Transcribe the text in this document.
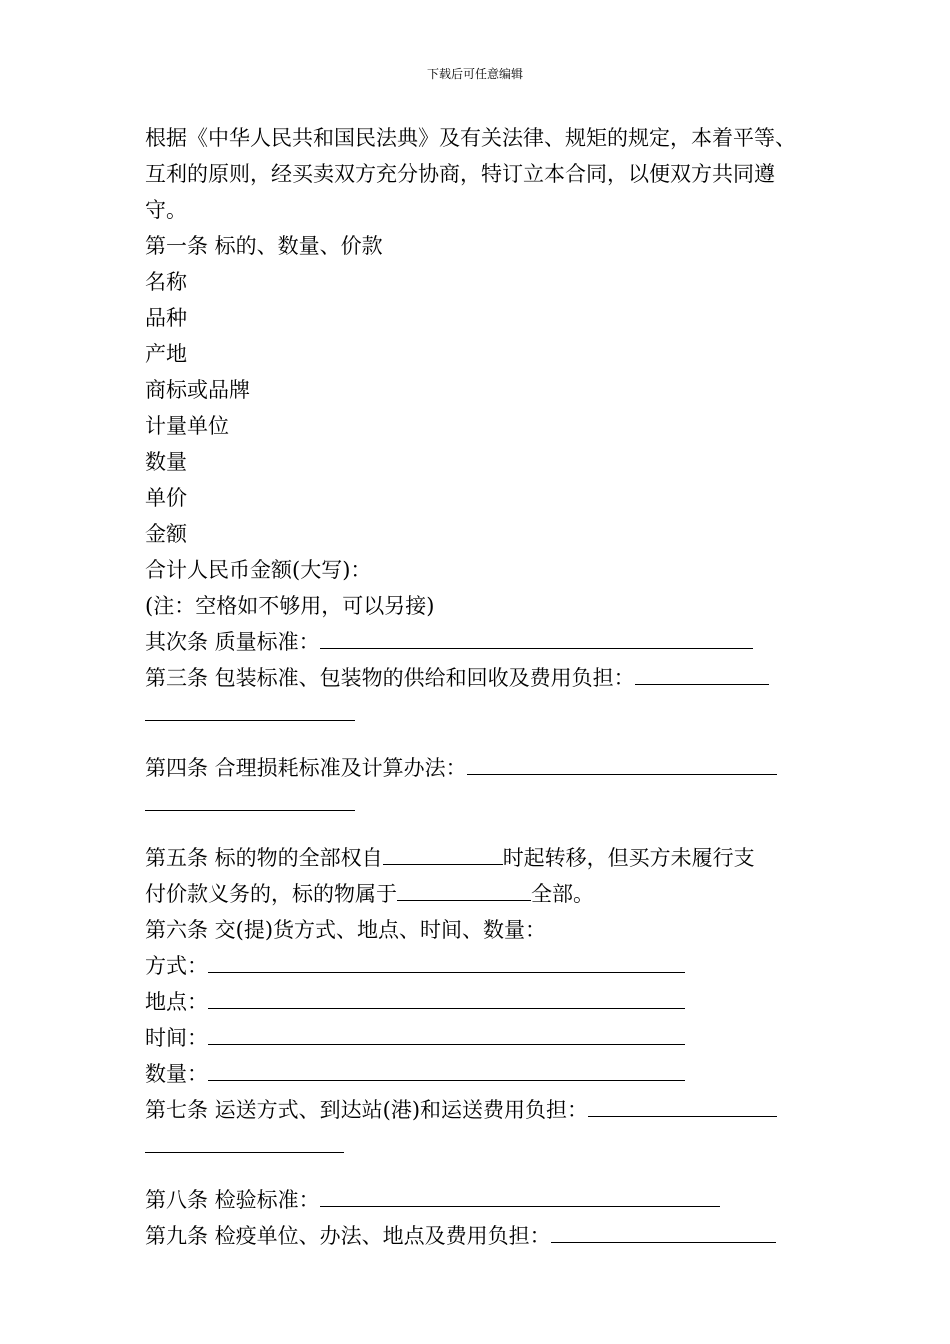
下载后可任意编辑
根据《中华人民共和国民法典》及有关法律、规矩的规定，本着平等、互利的原则，经买卖双方充分协商，特订立本合同，以便双方共同遵守。
第一条 标的、数量、价款
名称
品种
产地
商标或品牌
计量单位
数量
单价
金额
合计人民币金额(大写)：
(注：空格如不够用，可以另接)
其次条 质量标准：
第三条 包装标准、包装物的供给和回收及费用负担：
第四条 合理损耗标准及计算办法：
第五条 标的物的全部权自	时起转移，但买方未履行支
付价款义务的，标的物属于	全部。
第六条 交(提)货方式、地点、时间、数量：
方式：
地点：
时间：
数量：
第七条 运送方式、到达站(港)和运送费用负担：
第八条 检验标准：
第九条 检疫单位、办法、地点及费用负担：
